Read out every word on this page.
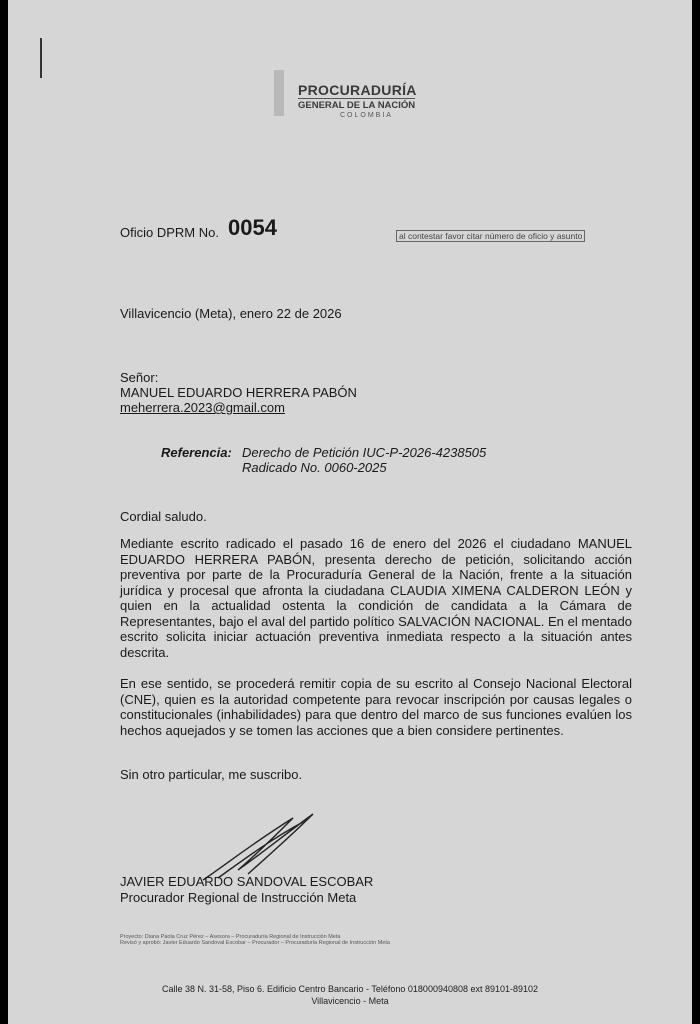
PROCURADURÍA
GENERAL DE LA NACIÓN
COLOMBIA
Oficio DPRM No. 0054	al contestar favor citar número de oficio y asunto
Villavicencio (Meta), enero 22 de 2026
Señor:
MANUEL EDUARDO HERRERA PABÓN
meherrera.2023@gmail.com
Referencia: Derecho de Petición IUC-P-2026-4238505
Radicado No. 0060-2025
Cordial saludo.
Mediante escrito radicado el pasado 16 de enero del 2026 el ciudadano MANUEL EDUARDO HERRERA PABÓN, presenta derecho de petición, solicitando acción preventiva por parte de la Procuraduría General de la Nación, frente a la situación jurídica y procesal que afronta la ciudadana CLAUDIA XIMENA CALDERON LEÓN y quien en la actualidad ostenta la condición de candidata a la Cámara de Representantes, bajo el aval del partido político SALVACIÓN NACIONAL. En el mentado escrito solicita iniciar actuación preventiva inmediata respecto a la situación antes descrita.
En ese sentido, se procederá remitir copia de su escrito al Consejo Nacional Electoral (CNE), quien es la autoridad competente para revocar inscripción por causas legales o constitucionales (inhabilidades) para que dentro del marco de sus funciones evalúen los hechos aquejados y se tomen las acciones que a bien considere pertinentes.
Sin otro particular, me suscribo.
JAVIER EDUARDO SANDOVAL ESCOBAR
Procurador Regional de Instrucción Meta
Proyecto: Diana Paola Cruz Pérez – Asesora – Procuraduría Regional de Instrucción Meta
Revisó y aprobó: Javier Eduardo Sandoval Escobar – Procurador – Procuraduría Regional de Instrucción Meta
Calle 38 N. 31-58, Piso 6. Edificio Centro Bancario - Teléfono 018000940808 ext 89101-89102
Villavicencio - Meta
